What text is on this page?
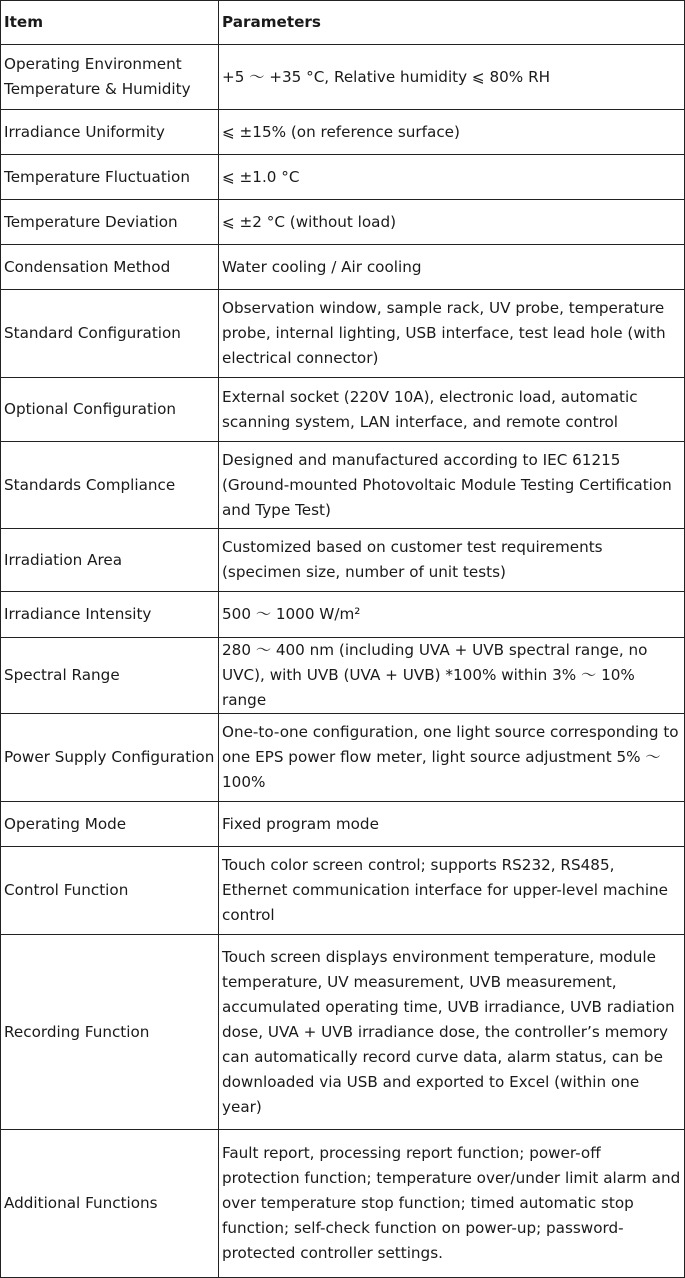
Item	Parameters
Operating Environment Temperature & Humidity	+5 ～ +35 °C, Relative humidity ⩽ 80% RH
Irradiance Uniformity	⩽ ±15% (on reference surface)
Temperature Fluctuation	⩽ ±1.0 °C
Temperature Deviation	⩽ ±2 °C (without load)
Condensation Method	Water cooling / Air cooling
Standard Configuration	Observation window, sample rack, UV probe, temperature probe, internal lighting, USB interface, test lead hole (with electrical connector)
Optional Configuration	External socket (220V 10A), electronic load, automatic scanning system, LAN interface, and remote control
Standards Compliance	Designed and manufactured according to IEC 61215 (Ground-mounted Photovoltaic Module Testing Certification and Type Test)
Irradiation Area	Customized based on customer test requirements (specimen size, number of unit tests)
Irradiance Intensity	500 ～ 1000 W/m²
Spectral Range	280 ～ 400 nm (including UVA + UVB spectral range, no UVC), with UVB (UVA + UVB) *100% within 3% ～ 10% range
Power Supply Configuration	One-to-one configuration, one light source corresponding to one EPS power flow meter, light source adjustment 5% ～ 100%
Operating Mode	Fixed program mode
Control Function	Touch color screen control; supports RS232, RS485, Ethernet communication interface for upper-level machine control
Recording Function	Touch screen displays environment temperature, module temperature, UV measurement, UVB measurement, accumulated operating time, UVB irradiance, UVB radiation dose, UVA + UVB irradiance dose, the controller’s memory can automatically record curve data, alarm status, can be downloaded via USB and exported to Excel (within one year)
Additional Functions	Fault report, processing report function; power-off protection function; temperature over/under limit alarm and over temperature stop function; timed automatic stop function; self-check function on power-up; password-protected controller settings.
